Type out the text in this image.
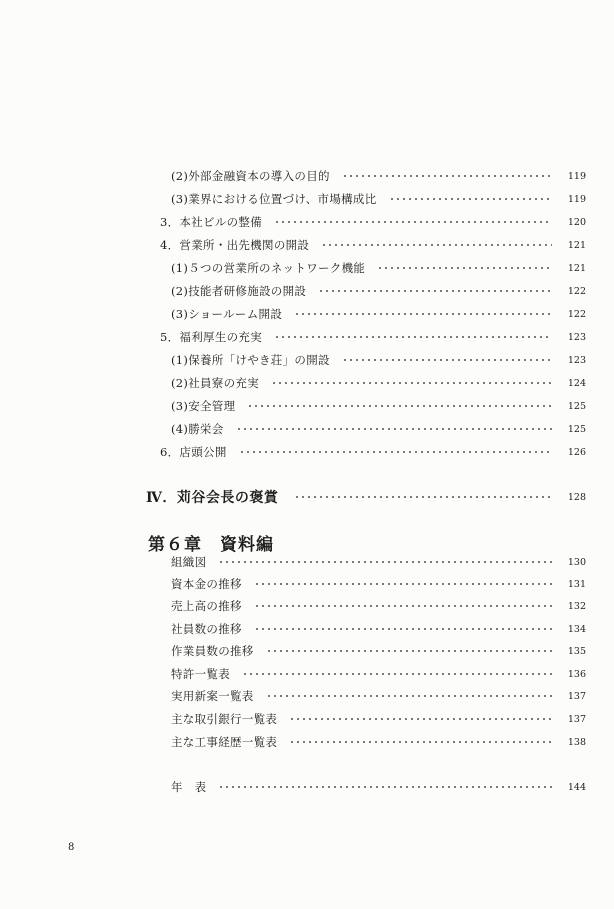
(2)外部金融資本の導入の目的	119
(3)業界における位置づけ、市場構成比	119
3．本社ビルの整備	120
4．営業所・出先機関の開設	121
(1)５つの営業所のネットワーク機能	121
(2)技能者研修施設の開設	122
(3)ショールーム開設	122
5．福利厚生の充実	123
(1)保養所「けやき荘」の開設	123
(2)社員寮の充実	124
(3)安全管理	125
(4)勝栄会	125
6．店頭公開	126
Ⅳ．苅谷会長の褒賞	128
第６章　資料編
組織図	130
資本金の推移	131
売上高の推移	132
社員数の推移	134
作業員数の推移	135
特許一覧表	136
実用新案一覧表	137
主な取引銀行一覧表	137
主な工事経歴一覧表	138
年　表	144
8
